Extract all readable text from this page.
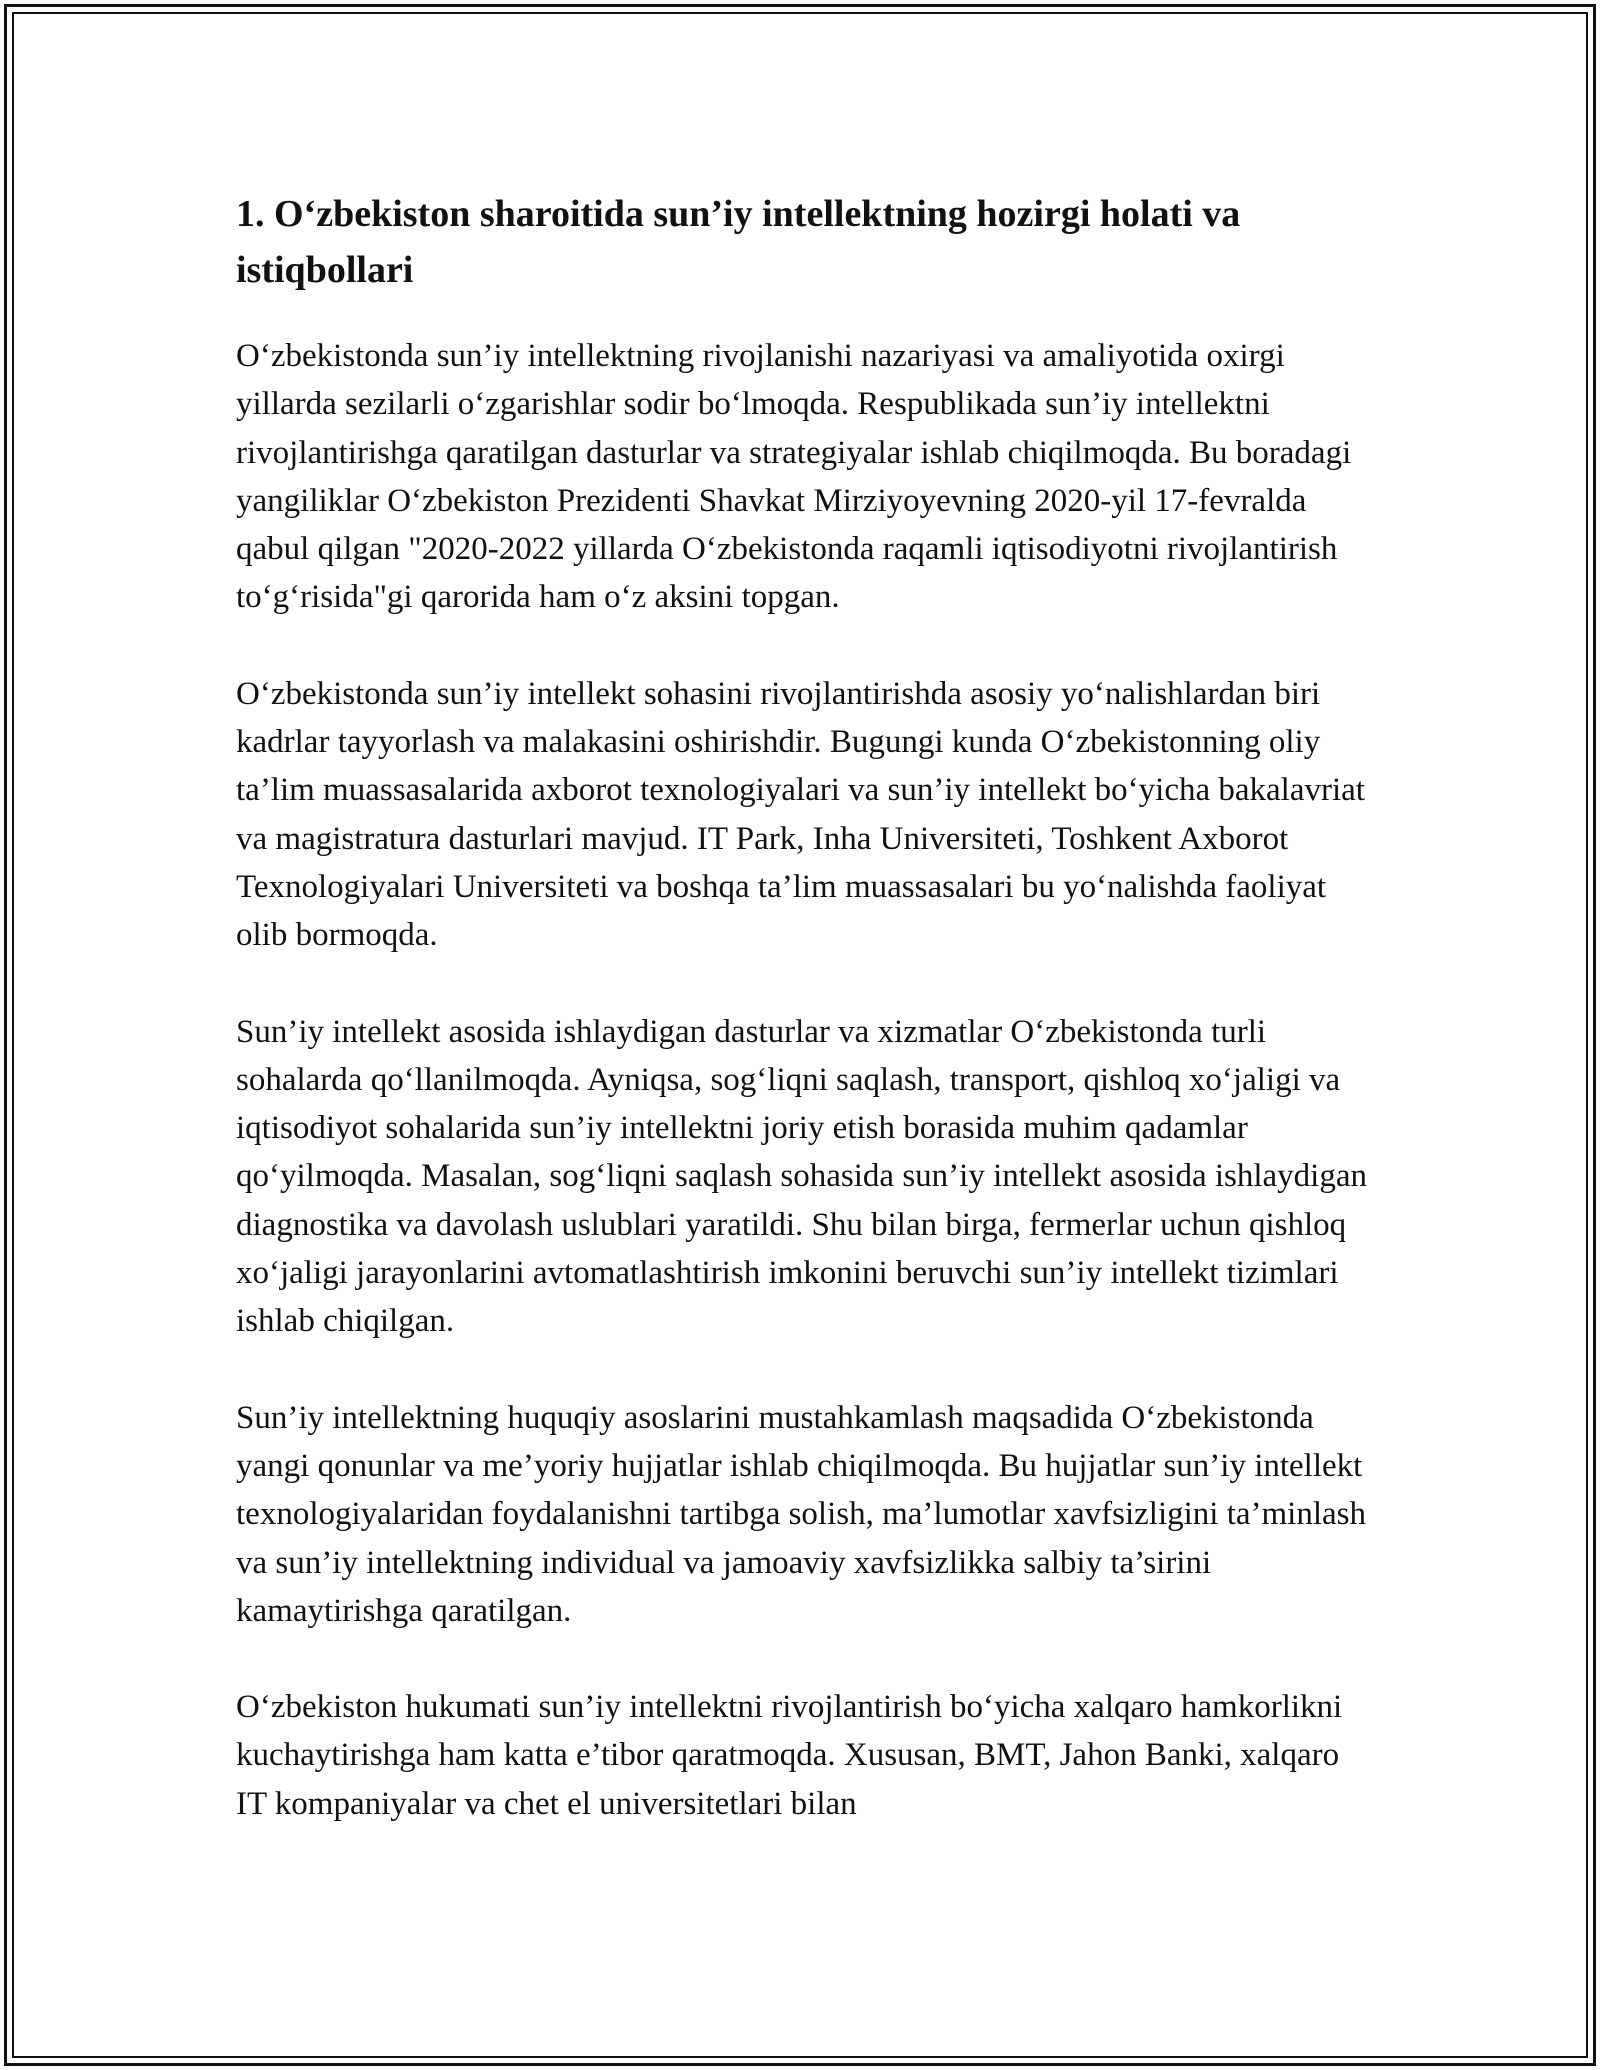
1. O‘zbekiston sharoitida sun’iy intellektning hozirgi holati va istiqbollari

O‘zbekistonda sun’iy intellektning rivojlanishi nazariyasi va amaliyotida oxirgi yillarda sezilarli o‘zgarishlar sodir bo‘lmoqda. Respublikada sun’iy intellektni rivojlantirishga qaratilgan dasturlar va strategiyalar ishlab chiqilmoqda. Bu boradagi yangiliklar O‘zbekiston Prezidenti Shavkat Mirziyoyevning 2020-yil 17-fevralda qabul qilgan "2020-2022 yillarda O‘zbekistonda raqamli iqtisodiyotni rivojlantirish to‘g‘risida"gi qarorida ham o‘z aksini topgan.

O‘zbekistonda sun’iy intellekt sohasini rivojlantirishda asosiy yo‘nalishlardan biri kadrlar tayyorlash va malakasini oshirishdir. Bugungi kunda O‘zbekistonning oliy ta’lim muassasalarida axborot texnologiyalari va sun’iy intellekt bo‘yicha bakalavriat va magistratura dasturlari mavjud. IT Park, Inha Universiteti, Toshkent Axborot Texnologiyalari Universiteti va boshqa ta’lim muassasalari bu yo‘nalishda faoliyat olib bormoqda.

Sun’iy intellekt asosida ishlaydigan dasturlar va xizmatlar O‘zbekistonda turli sohalarda qo‘llanilmoqda. Ayniqsa, sog‘liqni saqlash, transport, qishloq xo‘jaligi va iqtisodiyot sohalarida sun’iy intellektni joriy etish borasida muhim qadamlar qo‘yilmoqda. Masalan, sog‘liqni saqlash sohasida sun’iy intellekt asosida ishlaydigan diagnostika va davolash uslublari yaratildi. Shu bilan birga, fermerlar uchun qishloq xo‘jaligi jarayonlarini avtomatlashtirish imkonini beruvchi sun’iy intellekt tizimlari ishlab chiqilgan.

Sun’iy intellektning huquqiy asoslarini mustahkamlash maqsadida O‘zbekistonda yangi qonunlar va me’yoriy hujjatlar ishlab chiqilmoqda. Bu hujjatlar sun’iy intellekt texnologiyalaridan foydalanishni tartibga solish, ma’lumotlar xavfsizligini ta’minlash va sun’iy intellektning individual va jamoaviy xavfsizlikka salbiy ta’sirini kamaytirishga qaratilgan.

O‘zbekiston hukumati sun’iy intellektni rivojlantirish bo‘yicha xalqaro hamkorlikni kuchaytirishga ham katta e’tibor qaratmoqda. Xususan, BMT, Jahon Banki, xalqaro IT kompaniyalar va chet el universitetlari bilan
